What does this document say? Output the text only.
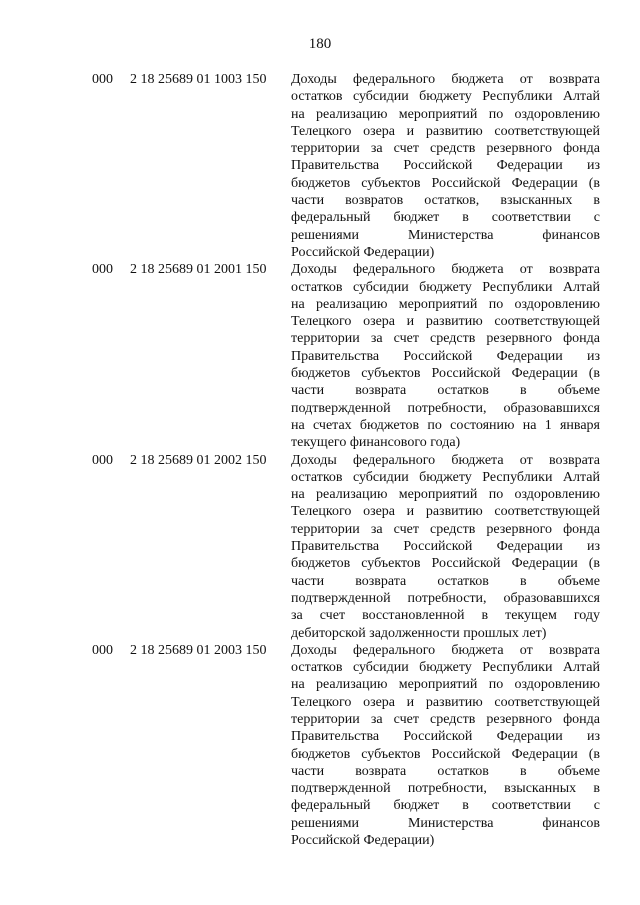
180
000 2 18 25689 01 1003 150 Доходы федерального бюджета от возврата
остатков субсидии бюджету Республики Алтай
на реализацию мероприятий по оздоровлению
Телецкого озера и развитию соответствующей
территории за счет средств резервного фонда
Правительства Российской Федерации из
бюджетов субъектов Российской Федерации (в
части возвратов остатков, взысканных в
федеральный бюджет в соответствии с
решениями Министерства финансов
Российской Федерации)
000 2 18 25689 01 2001 150 Доходы федерального бюджета от возврата
остатков субсидии бюджету Республики Алтай
на реализацию мероприятий по оздоровлению
Телецкого озера и развитию соответствующей
территории за счет средств резервного фонда
Правительства Российской Федерации из
бюджетов субъектов Российской Федерации (в
части возврата остатков в объеме
подтвержденной потребности, образовавшихся
на счетах бюджетов по состоянию на 1 января
текущего финансового года)
000 2 18 25689 01 2002 150 Доходы федерального бюджета от возврата
остатков субсидии бюджету Республики Алтай
на реализацию мероприятий по оздоровлению
Телецкого озера и развитию соответствующей
территории за счет средств резервного фонда
Правительства Российской Федерации из
бюджетов субъектов Российской Федерации (в
части возврата остатков в объеме
подтвержденной потребности, образовавшихся
за счет восстановленной в текущем году
дебиторской задолженности прошлых лет)
000 2 18 25689 01 2003 150 Доходы федерального бюджета от возврата
остатков субсидии бюджету Республики Алтай
на реализацию мероприятий по оздоровлению
Телецкого озера и развитию соответствующей
территории за счет средств резервного фонда
Правительства Российской Федерации из
бюджетов субъектов Российской Федерации (в
части возврата остатков в объеме
подтвержденной потребности, взысканных в
федеральный бюджет в соответствии с
решениями Министерства финансов
Российской Федерации)
